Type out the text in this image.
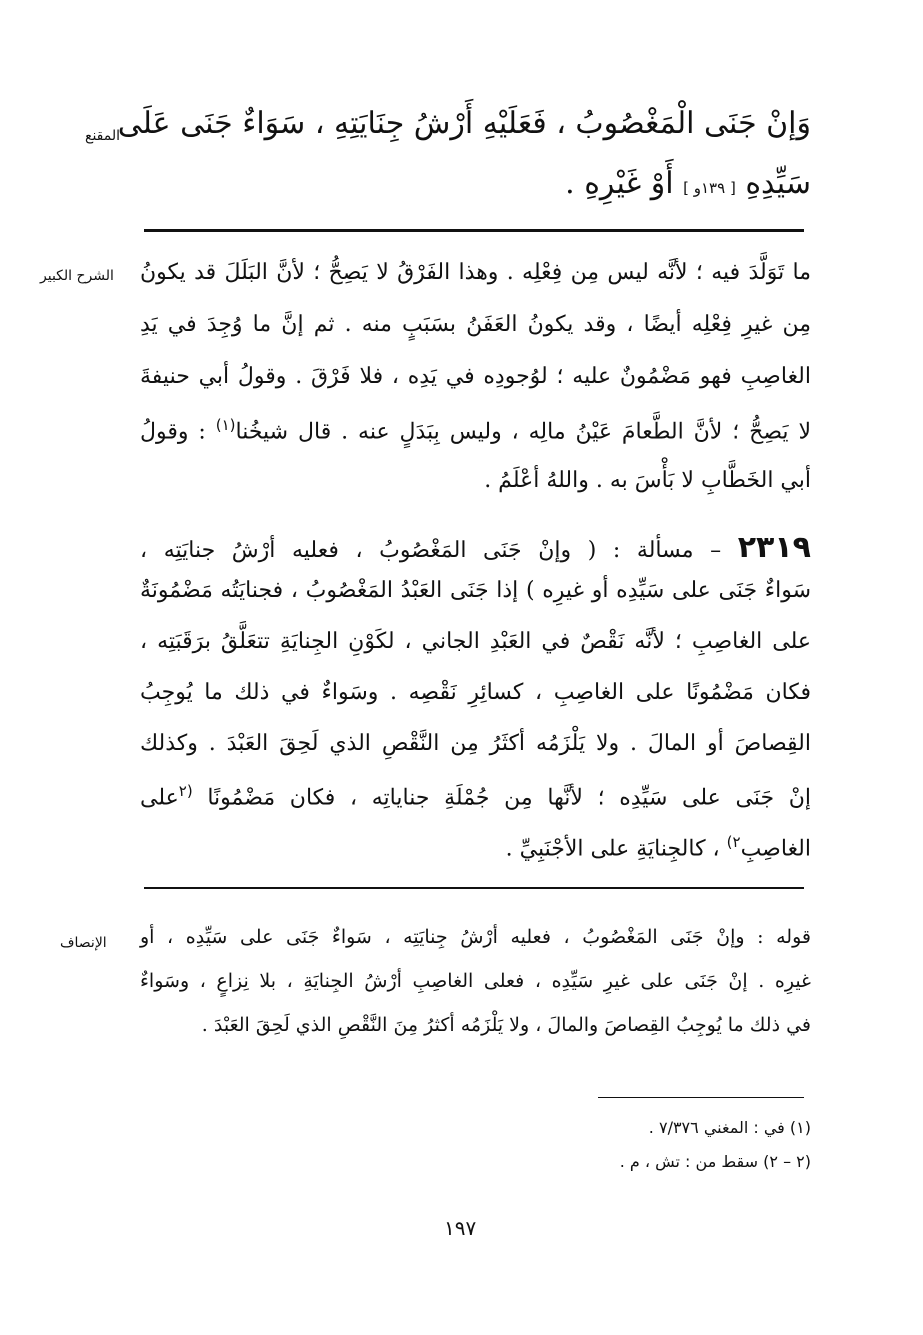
المقنع
وَإنْ جَنَى الْمَغْصُوبُ ، فَعَلَيْهِ أَرْشُ جِنَايَتِهِ ، سَوَاءٌ جَنَى عَلَى
سَيِّدِهِ [ ١٣٩و ] أَوْ غَيْرِهِ .
الشرح الكبير ما تَوَلَّدَ فيه ؛ لأنَّه ليس مِن فِعْلِه . وهذا الفَرْقُ لا يَصِحُّ ؛ لأنَّ البَلَلَ قد يكونُ
مِن غيرِ فِعْلِه أيضًا ، وقد يكونُ العَفَنُ بسَبَبٍ منه . ثم إنَّ ما وُجِدَ في يَدِ
الغاصِبِ فهو مَضْمُونٌ عليه ؛ لوُجودِه في يَدِه ، فلا فَرْقَ . وقولُ أبي حنيفةَ
لا يَصِحُّ ؛ لأنَّ الطَّعامَ عَيْنُ مالِه ، وليس بِبَدَلٍ عنه . قال شيخُنا$^{(١)}$ : وقولُ
أبي الخَطَّابِ لا بَأْسَ به . واللهُ أعْلَمُ .
٢٣١٩ – مسألة : ( وإنْ جَنَى المَغْصُوبُ ، فعليه أرْشُ جنايَتِه ،
سَواءٌ جَنَى على سَيِّدِه أو غيرِه ) إذا جَنَى العَبْدُ المَغْصُوبُ ، فجنايَتُه مَضْمُونَةٌ
على الغاصِبِ ؛ لأنَّه نَقْصٌ في العَبْدِ الجاني ، لكَوْنِ الجِنايَةِ تتعَلَّقُ برَقَبَتِه ،
فكان مَضْمُونًا على الغاصِبِ ، كسائِرِ نَقْصِه . وسَواءٌ في ذلك ما يُوجِبُ
القِصاصَ أو المالَ . ولا يَلْزَمُه أكثَرُ مِن النَّقْصِ الذي لَحِقَ العَبْدَ . وكذلك
إنْ جَنَى على سَيِّدِه ؛ لأنَّها مِن جُمْلَةِ جناياتِه ، فكان مَضْمُونًا $^{(٢}$على
الغاصِبِ$^{٢)}$ ، كالجِنايَةِ على الأجْنَبِيِّ .
الإنصاف قوله : وإنْ جَنَى المَغْصُوبُ ، فعليه أرْشُ جِنايَتِه ، سَواءٌ جَنَى على سَيِّدِه ، أو
غيرِه . إنْ جَنَى على غيرِ سَيِّدِه ، فعلى الغاصِبِ أرْشُ الجِنايَةِ ، بلا نِزاعٍ ، وسَواءٌ
في ذلك ما يُوجِبُ القِصاصَ والمالَ ، ولا يَلْزَمُه أكثرُ مِنَ النَّقْصِ الذي لَحِقَ العَبْدَ .
(١) في : المغني ٧/٣٧٦ .
(٢ – ٢) سقط من : تش ، م .
١٩٧
